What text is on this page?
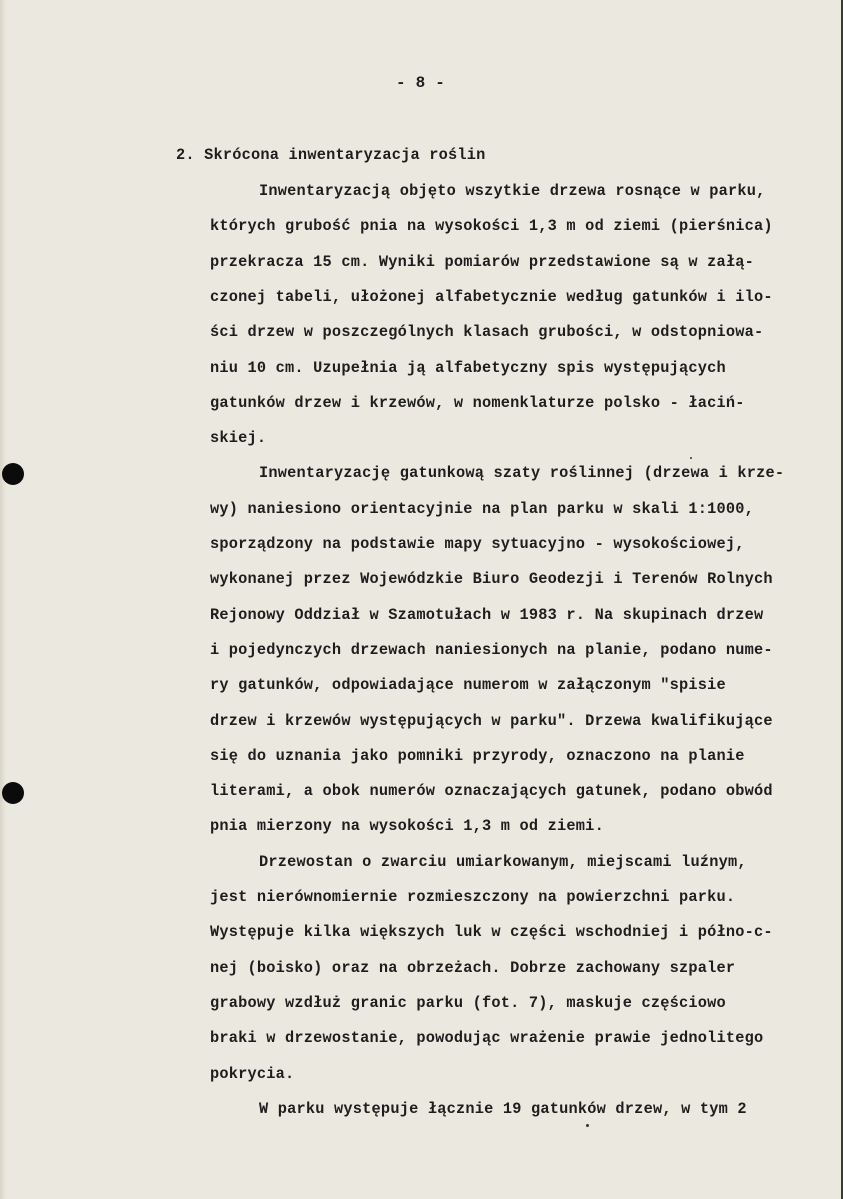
- 8 -
2. Skrócona inwentaryzacja roślin
Inwentaryzacją objęto wszytkie drzewa rosnące w parku,
których grubość pnia na wysokości 1,3 m od ziemi (pierśnica)
przekracza 15 cm. Wyniki pomiarów przedstawione są w załą-
czonej tabeli, ułożonej alfabetycznie według gatunków i ilo-
ści drzew w poszczególnych klasach grubości, w odstopniowa-
niu 10 cm. Uzupełnia ją alfabetyczny spis występujących
gatunków drzew i krzewów, w nomenklaturze polsko - łaciń-
skiej.
Inwentaryzację gatunkową szaty roślinnej (drzewa i krze-
wy) naniesiono orientacyjnie na plan parku w skali 1:1000,
sporządzony na podstawie mapy sytuacyjno - wysokościowej,
wykonanej przez Wojewódzkie Biuro Geodezji i Terenów Rolnych
Rejonowy Oddział w Szamotułach w 1983 r. Na skupinach drzew
i pojedynczych drzewach naniesionych na planie, podano nume-
ry gatunków, odpowiadające numerom w załączonym "spisie
drzew i krzewów występujących w parku". Drzewa kwalifikujące
się do uznania jako pomniki przyrody, oznaczono na planie
literami, a obok numerów oznaczających gatunek, podano obwód
pnia mierzony na wysokości 1,3 m od ziemi.
Drzewostan o zwarciu umiarkowanym, miejscami luźnym,
jest nierównomiernie rozmieszczony na powierzchni parku.
Występuje kilka większych luk w części wschodniej i półno-c-
nej (boisko) oraz na obrzeżach. Dobrze zachowany szpaler
grabowy wzdłuż granic parku (fot. 7), maskuje częściowo
braki w drzewostanie, powodując wrażenie prawie jednolitego
pokrycia.
W parku występuje łącznie 19 gatunków drzew, w tym 2
